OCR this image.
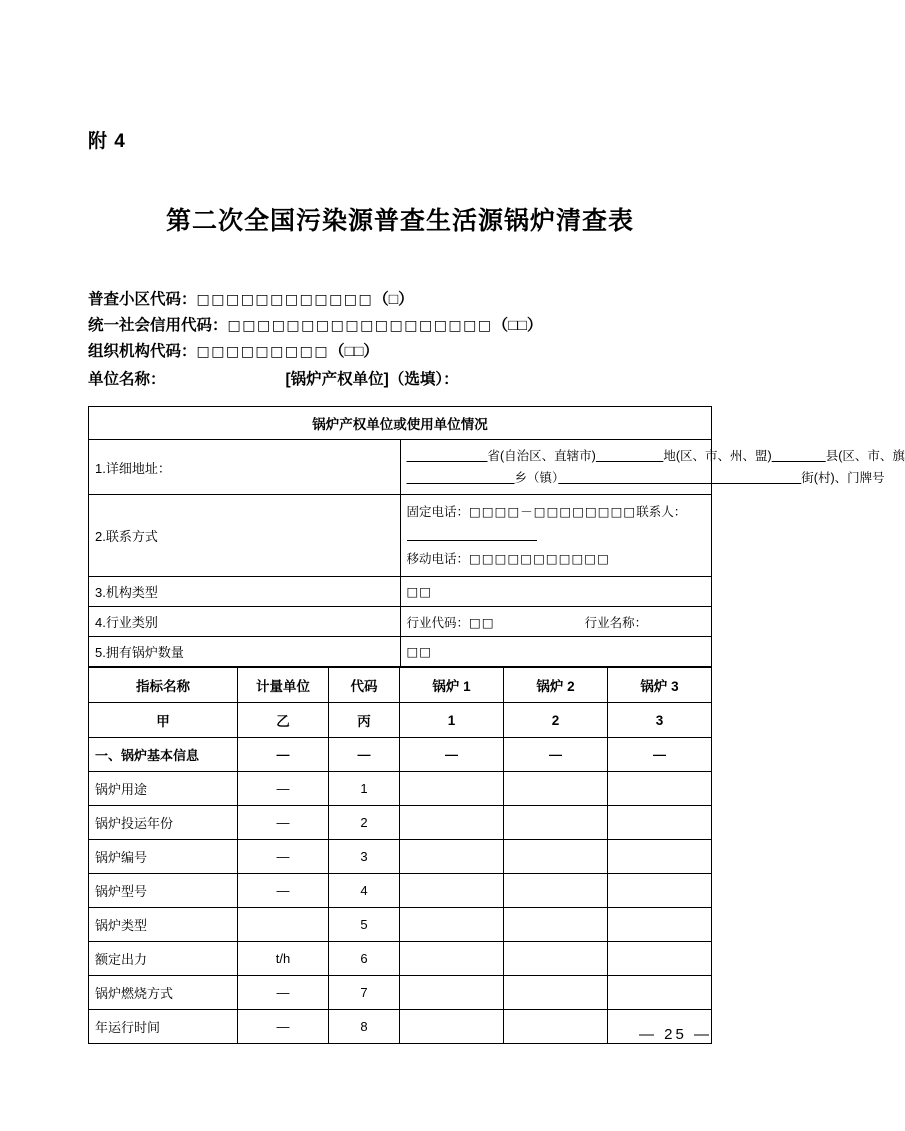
附 4
第二次全国污染源普查生活源锅炉清查表
普查小区代码：□□□□□□□□□□□□（□）
统一社会信用代码：□□□□□□□□□□□□□□□□□□（□□）
组织机构代码：□□□□□□□□□（□□）
单位名称：	[锅炉产权单位]（选填）：
锅炉产权单位或使用单位情况	
1.详细地址：	
　　　　　　省(自治区、直辖市)　　　　　 地(区、市、州、盟)　　　　 县(区、市、旗
　　　　　　　　乡（镇）　　　　　　　　　　　　　　　　　　 街(村)、门牌号

2.联系方式	固定电话：□□□□－□□□□□□□□联系人：
移动电话：□□□□□□□□□□□

3.机构类型	□□
4.行业类别	行业代码：□□ 行业名称：
5.拥有锅炉数量	□□
指标名称	计量单位	代码	锅炉 1	锅炉 2	锅炉 3
甲	乙	丙	1	2	3
一、锅炉基本信息	—	—	—	—	—
锅炉用途	—	1			
锅炉投运年份	—	2			
锅炉编号	—	3			
锅炉型号	—	4			
锅炉类型		5			
额定出力	t/h	6			
锅炉燃烧方式	—	7			
年运行时间	—	8				— 25 —
